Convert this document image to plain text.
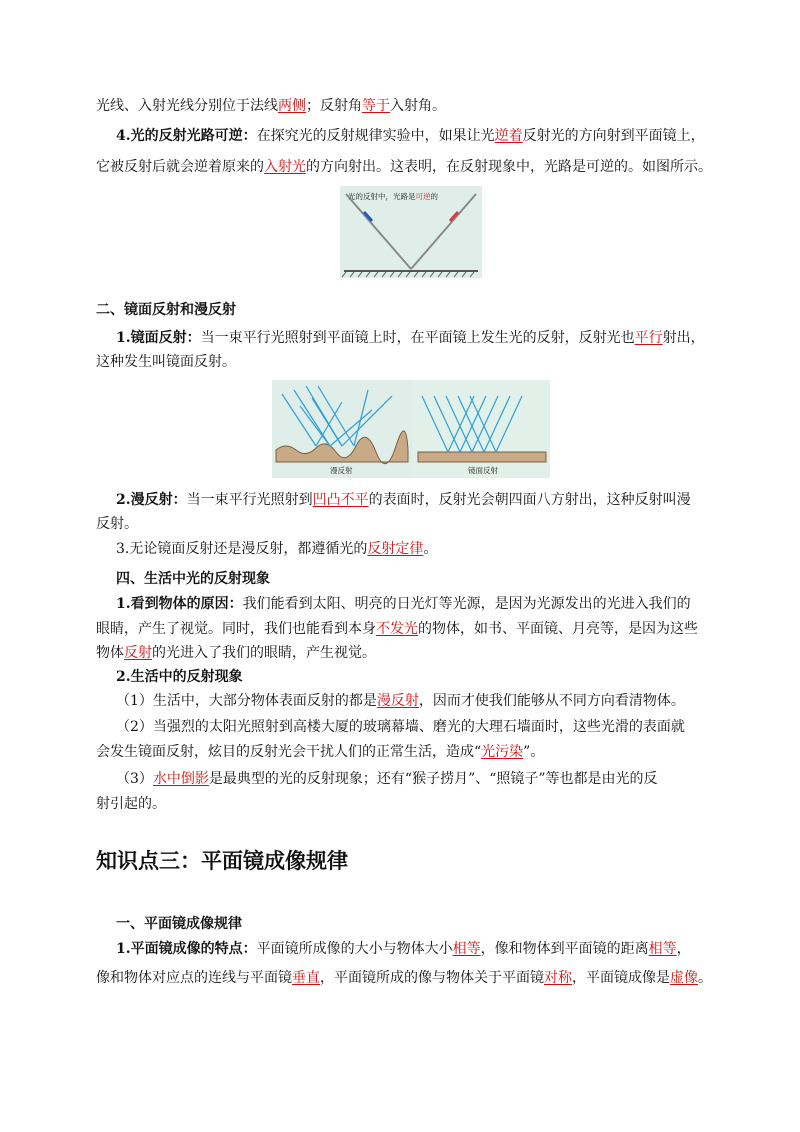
光线、入射光线分别位于法线两侧；反射角等于入射角。
4.光的反射光路可逆：在探究光的反射规律实验中，如果让光逆着反射光的方向射到平面镜上，
它被反射后就会逆着原来的入射光的方向射出。这表明，在反射现象中，光路是可逆的。如图所示。
光的反射中，光路是可逆的
二、镜面反射和漫反射
1.镜面反射：当一束平行光照射到平面镜上时，在平面镜上发生光的反射，反射光也平行射出，
这种发生叫镜面反射。
漫反射	镜面反射
2.漫反射：当一束平行光照射到凹凸不平的表面时，反射光会朝四面八方射出，这种反射叫漫
反射。
3.无论镜面反射还是漫反射，都遵循光的反射定律。
四、生活中光的反射现象
1.看到物体的原因：我们能看到太阳、明亮的日光灯等光源，是因为光源发出的光进入我们的
眼睛，产生了视觉。同时，我们也能看到本身不发光的物体，如书、平面镜、月亮等，是因为这些
物体反射的光进入了我们的眼睛，产生视觉。
2.生活中的反射现象
（1）生活中，大部分物体表面反射的都是漫反射，因而才使我们能够从不同方向看清物体。
（2）当强烈的太阳光照射到高楼大厦的玻璃幕墙、磨光的大理石墙面时，这些光滑的表面就
会发生镜面反射，炫目的反射光会干扰人们的正常生活，造成“光污染”。
（3）水中倒影是最典型的光的反射现象；还有“猴子捞月”、“照镜子”等也都是由光的反
射引起的。
知识点三：平面镜成像规律
一、平面镜成像规律
1.平面镜成像的特点：平面镜所成像的大小与物体大小相等，像和物体到平面镜的距离相等，
像和物体对应点的连线与平面镜垂直，平面镜所成的像与物体关于平面镜对称，平面镜成像是虚像。
